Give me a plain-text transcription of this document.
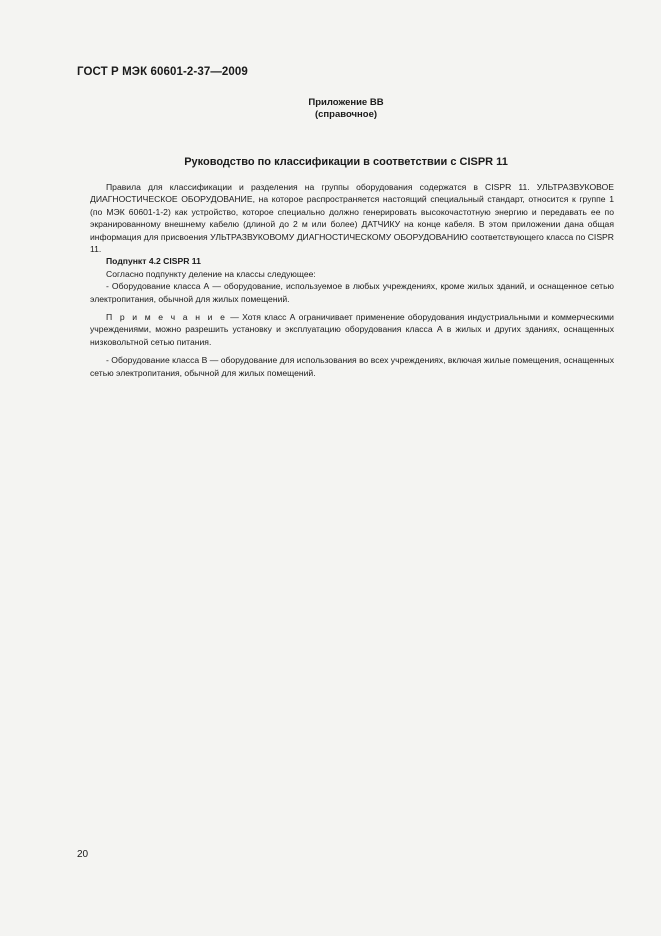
ГОСТ Р МЭК 60601-2-37—2009
Приложение ВВ
(справочное)
Руководство по классификации в соответствии с CISPR 11

Правила для классификации и разделения на группы оборудования содержатся в CISPR 11. УЛЬТРАЗВУКОВОЕ ДИАГНОСТИЧЕСКОЕ ОБОРУДОВАНИЕ, на которое распространяется настоящий специальный стандарт, относится к группе 1 (по МЭК 60601-1-2) как устройство, которое специально должно генерировать высокочастотную энергию и передавать ее по экранированному внешнему кабелю (длиной до 2 м или более) ДАТЧИКУ на конце кабеля. В этом приложении дана общая информация для присвоения УЛЬТРАЗВУКОВОМУ ДИАГНОСТИЧЕСКОМУ ОБОРУДОВАНИЮ соответствующего класса по CISPR 11.

Подпункт 4.2 CISPR 11

Согласно подпункту деление на классы следующее:

- Оборудование класса А — оборудование, используемое в любых учреждениях, кроме жилых зданий, и оснащенное сетью электропитания, обычной для жилых помещений.

П р и м е ч а н и е — Хотя класс А ограничивает применение оборудования индустриальными и коммерческими учреждениями, можно разрешить установку и эксплуатацию оборудования класса А в жилых и других зданиях, оснащенных низковольтной сетью питания.

- Оборудование класса В — оборудование для использования во всех учреждениях, включая жилые помещения, оснащенных сетью электропитания, обычной для жилых помещений.

20
